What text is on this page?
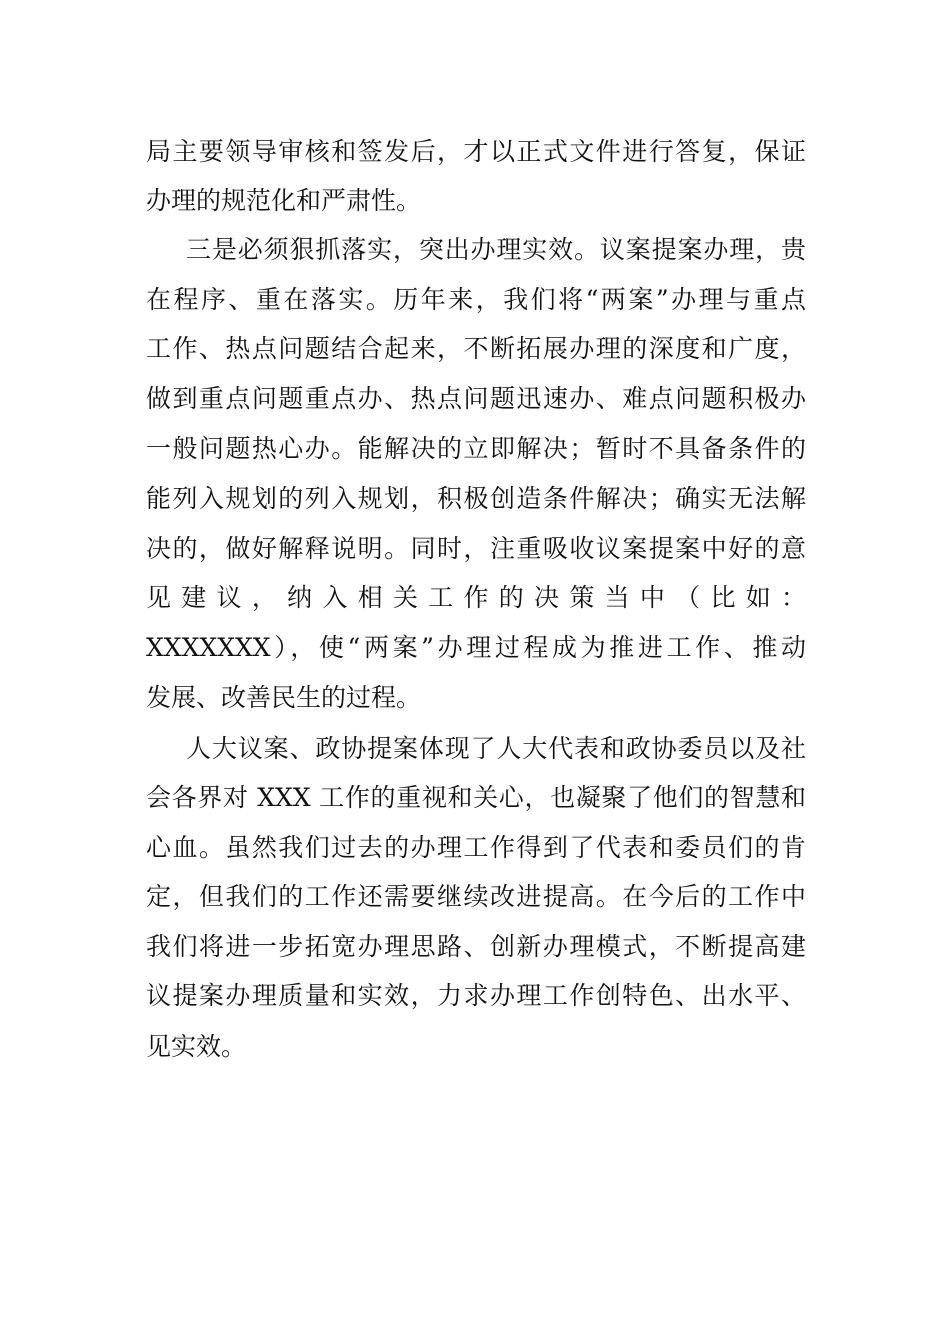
局主要领导审核和签发后，才以正式文件进行答复，保证
办理的规范化和严肃性。
三是必须狠抓落实，突出办理实效。议案提案办理，贵
在程序、重在落实。历年来，我们将“两案”办理与重点
工作、热点问题结合起来，不断拓展办理的深度和广度，
做到重点问题重点办、热点问题迅速办、难点问题积极办
一般问题热心办。能解决的立即解决；暂时不具备条件的
能列入规划的列入规划，积极创造条件解决；确实无法解
决的，做好解释说明。同时，注重吸收议案提案中好的意
见 建 议 ， 纳 入 相 关 工 作 的 决 策 当 中 （ 比 如 ：
XXXXXXX），使“两案”办理过程成为推进工作、推动
发展、改善民生的过程。
人大议案、政协提案体现了人大代表和政协委员以及社
会各界对 XXX 工作的重视和关心，也凝聚了他们的智慧和
心血。虽然我们过去的办理工作得到了代表和委员们的肯
定，但我们的工作还需要继续改进提高。在今后的工作中
我们将进一步拓宽办理思路、创新办理模式，不断提高建
议提案办理质量和实效，力求办理工作创特色、出水平、
见实效。
